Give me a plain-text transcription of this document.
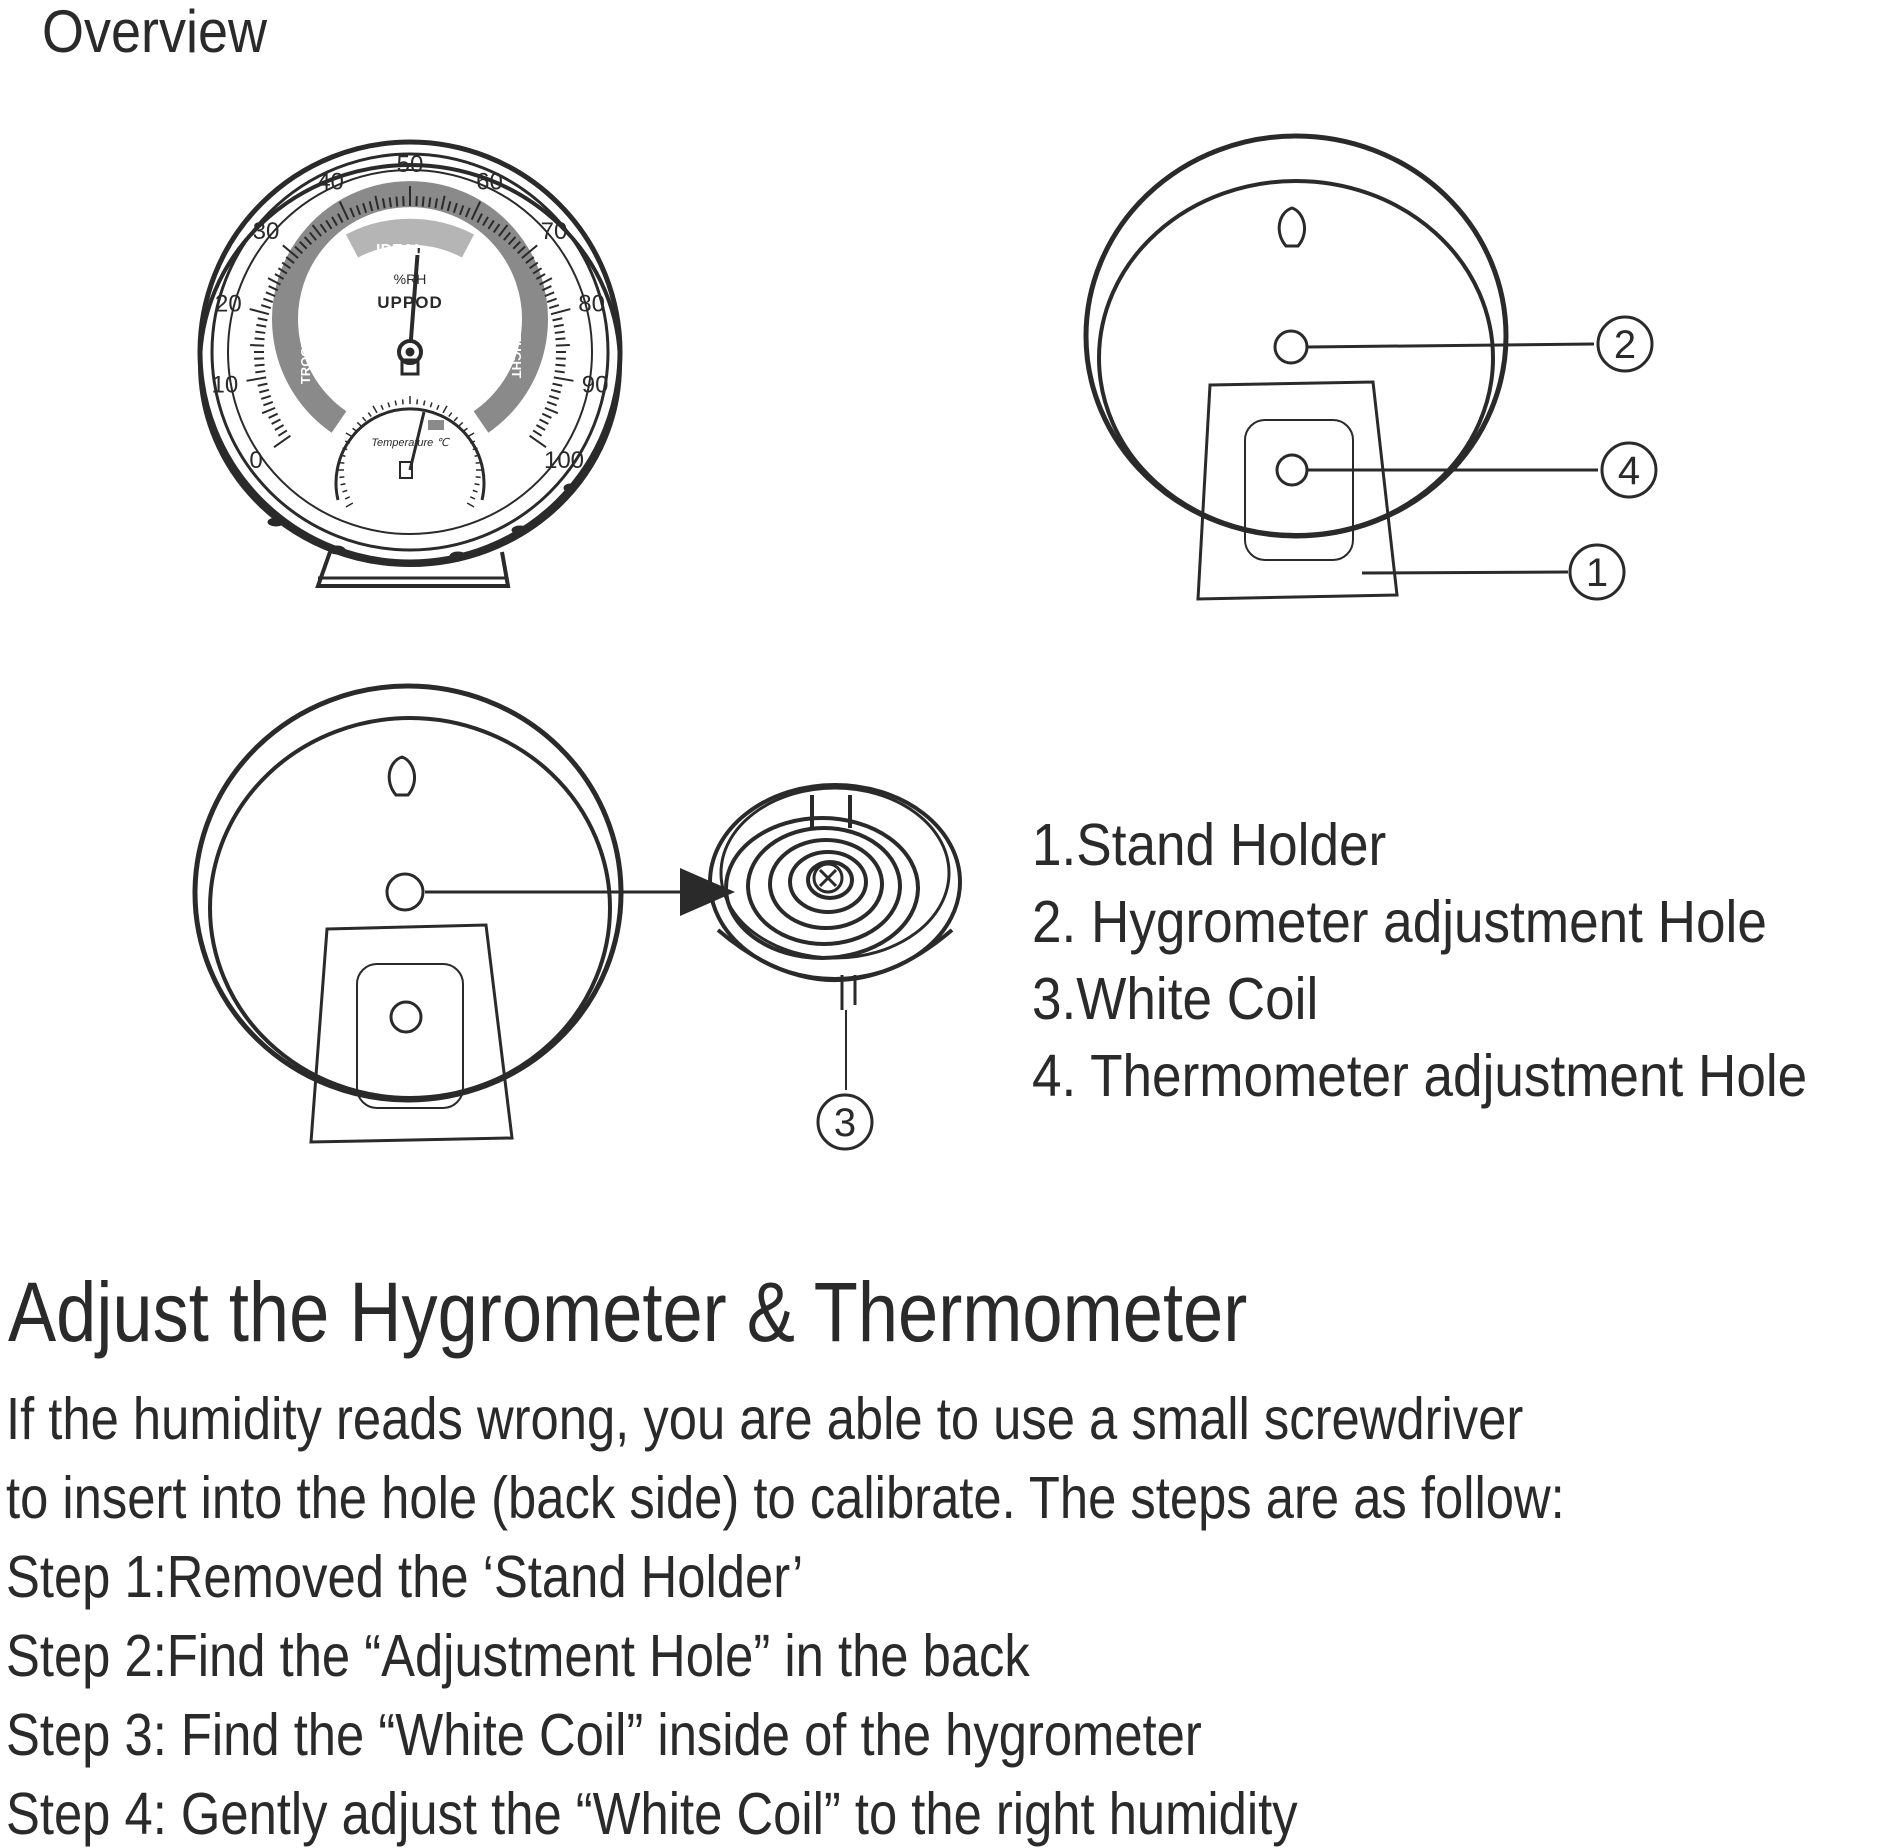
0
10
20
30
40
50
60
70
80
90
100
IDEAL
TROCKEN	FEUCHT
%RH
UPPOD
Temperature ℃
2
4
1
3
Overview
1.Stand Holder
2. Hygrometer adjustment Hole
3.White Coil
4. Thermometer adjustment Hole
Adjust the Hygrometer & Thermometer
If the humidity reads wrong, you are able to use a small screwdriver
to insert into the hole (back side) to calibrate. The steps are as follow:
Step 1:Removed the ‘Stand Holder’
Step 2:Find the “Adjustment Hole” in the back
Step 3: Find the “White Coil” inside of the hygrometer
Step 4: Gently adjust the “White Coil” to the right humidity
